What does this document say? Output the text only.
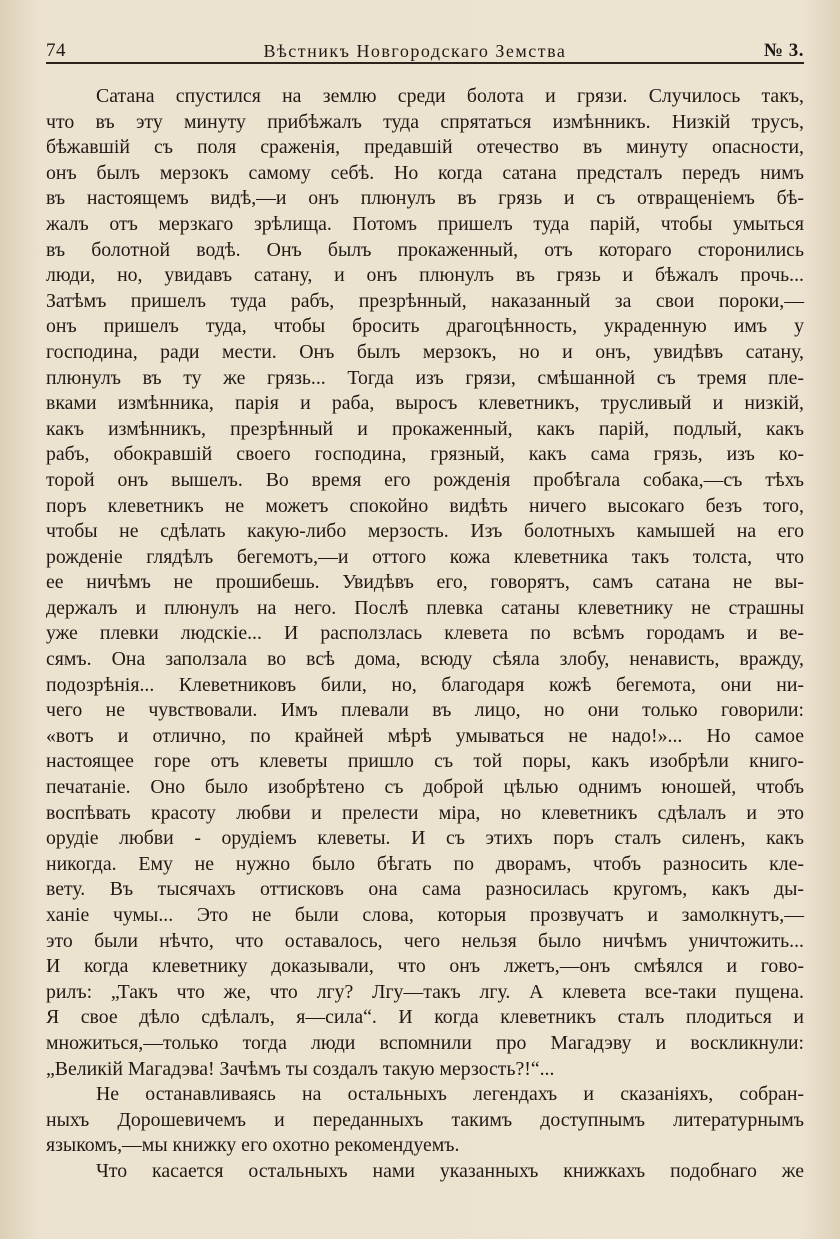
74	Вѣстникъ Новгородскаго Земства	№ 3.
Сатана спустился на землю среди болота и грязи. Случилось такъ,
что въ эту минуту прибѣжалъ туда спрятаться измѣнникъ. Низкій трусъ,
бѣжавшій съ поля сраженія, предавшій отечество въ минуту опасности,
онъ былъ мерзокъ самому себѣ. Но когда сатана предсталъ передъ нимъ
въ настоящемъ видѣ,—и онъ плюнулъ въ грязь и съ отвращеніемъ бѣ-
жалъ отъ мерзкаго зрѣлища. Потомъ пришелъ туда парій, чтобы умыться
въ болотной водѣ. Онъ былъ прокаженный, отъ котораго сторонились
люди, но, увидавъ сатану, и онъ плюнулъ въ грязь и бѣжалъ прочь...
Затѣмъ пришелъ туда рабъ, презрѣнный, наказанный за свои пороки,—
онъ пришелъ туда, чтобы бросить драгоцѣнность, украденную имъ у
господина, ради мести. Онъ былъ мерзокъ, но и онъ, увидѣвъ сатану,
плюнулъ въ ту же грязь... Тогда изъ грязи, смѣшанной съ тремя пле-
вками измѣнника, парія и раба, выросъ клеветникъ, трусливый и низкій,
какъ измѣнникъ, презрѣнный и прокаженный, какъ парій, подлый, какъ
рабъ, обокравшій своего господина, грязный, какъ сама грязь, изъ ко-
торой онъ вышелъ. Во время его рожденія пробѣгала собака,—съ тѣхъ
поръ клеветникъ не можетъ спокойно видѣть ничего высокаго безъ того,
чтобы не сдѣлать какую-либо мерзость. Изъ болотныхъ камышей на его
рожденіе глядѣлъ бегемотъ,—и оттого кожа клеветника такъ толста, что
ее ничѣмъ не прошибешь. Увидѣвъ его, говорятъ, самъ сатана не вы-
держалъ и плюнулъ на него. Послѣ плевка сатаны клеветнику не страшны
уже плевки людскіе... И расползлась клевета по всѣмъ городамъ и ве-
сямъ. Она заползала во всѣ дома, всюду сѣяла злобу, ненависть, вражду,
подозрѣнія... Клеветниковъ били, но, благодаря кожѣ бегемота, они ни-
чего не чувствовали. Имъ плевали въ лицо, но они только говорили:
«вотъ и отлично, по крайней мѣрѣ умываться не надо!»... Но самое
настоящее горе отъ клеветы пришло съ той поры, какъ изобрѣли книго-
печатаніе. Оно было изобрѣтено съ доброй цѣлью однимъ юношей, чтобъ
воспѣвать красоту любви и прелести міра, но клеветникъ сдѣлалъ и это
орудіе любви - орудіемъ клеветы. И съ этихъ поръ сталъ силенъ, какъ
никогда. Ему не нужно было бѣгать по дворамъ, чтобъ разносить кле-
вету. Въ тысячахъ оттисковъ она сама разносилась кругомъ, какъ ды-
ханіе чумы... Это не были слова, которыя прозвучатъ и замолкнутъ,—
это были нѣчто, что оставалось, чего нельзя было ничѣмъ уничтожить...
И когда клеветнику доказывали, что онъ лжетъ,—онъ смѣялся и гово-
рилъ: „Такъ что же, что лгу? Лгу—такъ лгу. А клевета все-таки пущена.
Я свое дѣло сдѣлалъ, я—сила“. И когда клеветникъ сталъ плодиться и
множиться,—только тогда люди вспомнили про Магадэву и воскликнули:
„Великій Магадэва! Зачѣмъ ты создалъ такую мерзость?!“...
Не останавливаясь на остальныхъ легендахъ и сказаніяхъ, собран-
ныхъ Дорошевичемъ и переданныхъ такимъ доступнымъ литературнымъ
языкомъ,—мы книжку его охотно рекомендуемъ.
Что касается остальныхъ нами указанныхъ книжкахъ подобнаго же
